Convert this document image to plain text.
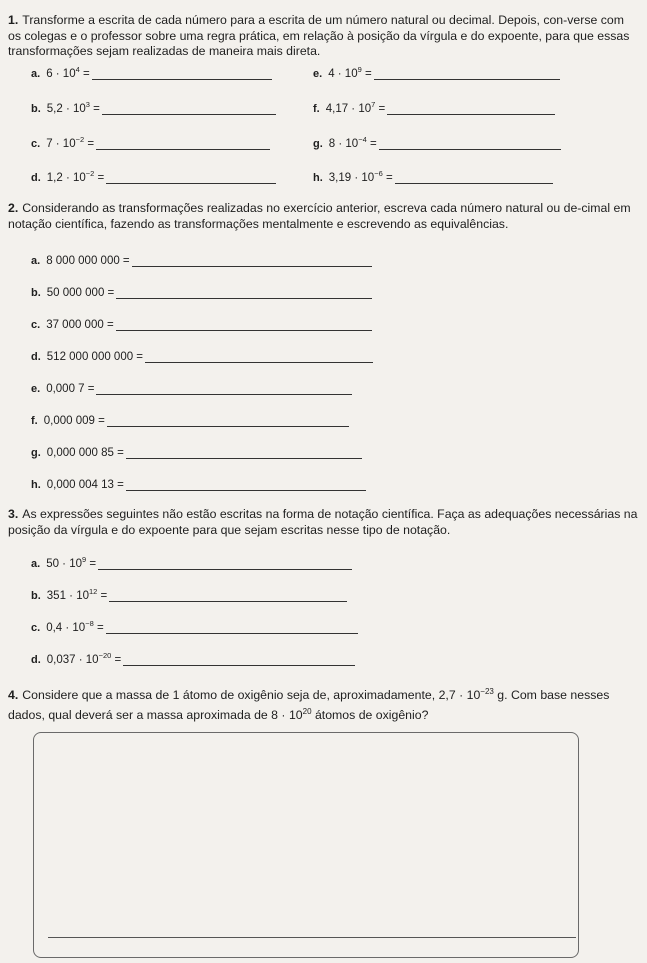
1. Transforme a escrita de cada número para a escrita de um número natural ou decimal. Depois, con-verse com os colegas e o professor sobre uma regra prática, em relação à posição da vírgula e do expoente, para que essas transformações sejam realizadas de maneira mais direta.
a. $6 \cdot 10^4$ =
b. $5,2 \cdot 10^3$ =
c. $7 \cdot 10^{-2}$ =
d. $1,2 \cdot 10^{-2}$ =
e. $4 \cdot 10^9$ =
f. $4,17 \cdot 10^7$ =
g. $8 \cdot 10^{-4}$ =
h. $3,19 \cdot 10^{-6}$ =
2. Considerando as transformações realizadas no exercício anterior, escreva cada número natural ou de-cimal em notação científica, fazendo as transformações mentalmente e escrevendo as equivalências.
a. 8 000 000 000 =
b. 50 000 000 =
c. 37 000 000 =
d. 512 000 000 000 =
e. 0,000 7 =
f. 0,000 009 =
g. 0,000 000 85 =
h. 0,000 004 13 =
3. As expressões seguintes não estão escritas na forma de notação científica. Faça as adequações necessárias na posição da vírgula e do expoente para que sejam escritas nesse tipo de notação.
a. $50 \cdot 10^9$ =
b. $351 \cdot 10^{12}$ =
c. $0,4 \cdot 10^{-8}$ =
d. $0,037 \cdot 10^{-20}$ =
4. Considere que a massa de 1 átomo de oxigênio seja de, aproximadamente, $2,7 \cdot 10^{-23}$ g. Com base nesses dados, qual deverá ser a massa aproximada de $8 \cdot 10^{20}$ átomos de oxigênio?
